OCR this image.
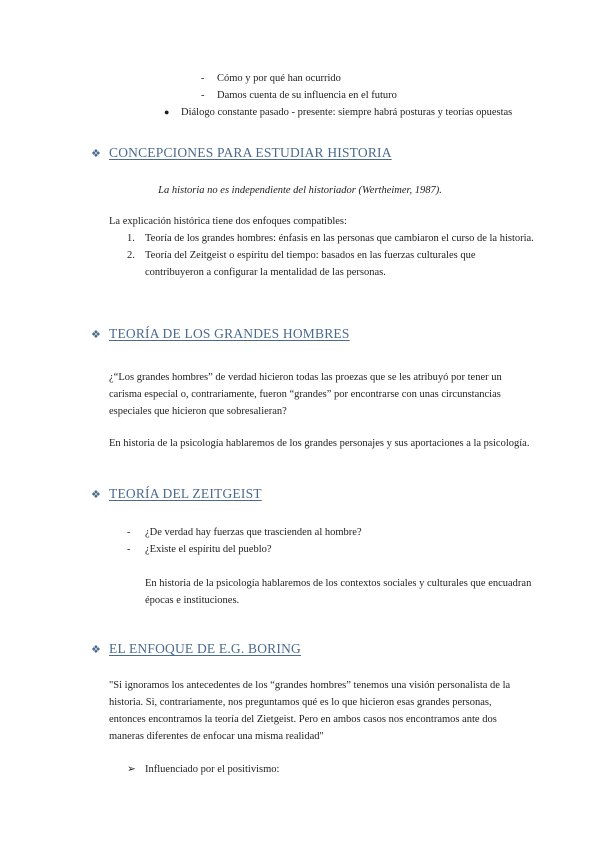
- Cómo y por qué han ocurrido
- Damos cuenta de su influencia en el futuro
● Diálogo constante pasado - presente: siempre habrá posturas y teorías opuestas
❖ CONCEPCIONES PARA ESTUDIAR HISTORIA
La historia no es independiente del historiador (Wertheimer, 1987).
La explicación histórica tiene dos enfoques compatibles:
1. Teoría de los grandes hombres: énfasis en las personas que cambiaron el curso de la historia.
2. Teoría del Zeitgeist o espíritu del tiempo: basados en las fuerzas culturales que
contribuyeron a configurar la mentalidad de las personas.
❖ TEORÍA DE LOS GRANDES HOMBRES
¿“Los grandes hombres” de verdad hicieron todas las proezas que se les atribuyó por tener un
carisma especial o, contrariamente, fueron “grandes” por encontrarse con unas circunstancias
especiales que hicieron que sobresalieran?
En historia de la psicología hablaremos de los grandes personajes y sus aportaciones a la psicología.
❖ TEORÍA DEL ZEITGEIST
- ¿De verdad hay fuerzas que trascienden al hombre?
- ¿Existe el espíritu del pueblo?
En historia de la psicología hablaremos de los contextos sociales y culturales que encuadran
épocas e instituciones.
❖ EL ENFOQUE DE E.G. BORING
"Si ignoramos los antecedentes de los “grandes hombres” tenemos una visión personalista de la
historia. Si, contrariamente, nos preguntamos qué es lo que hicieron esas grandes personas,
entonces encontramos la teoría del Zietgeist. Pero en ambos casos nos encontramos ante dos
maneras diferentes de enfocar una misma realidad"
➢ Influenciado por el positivismo:
